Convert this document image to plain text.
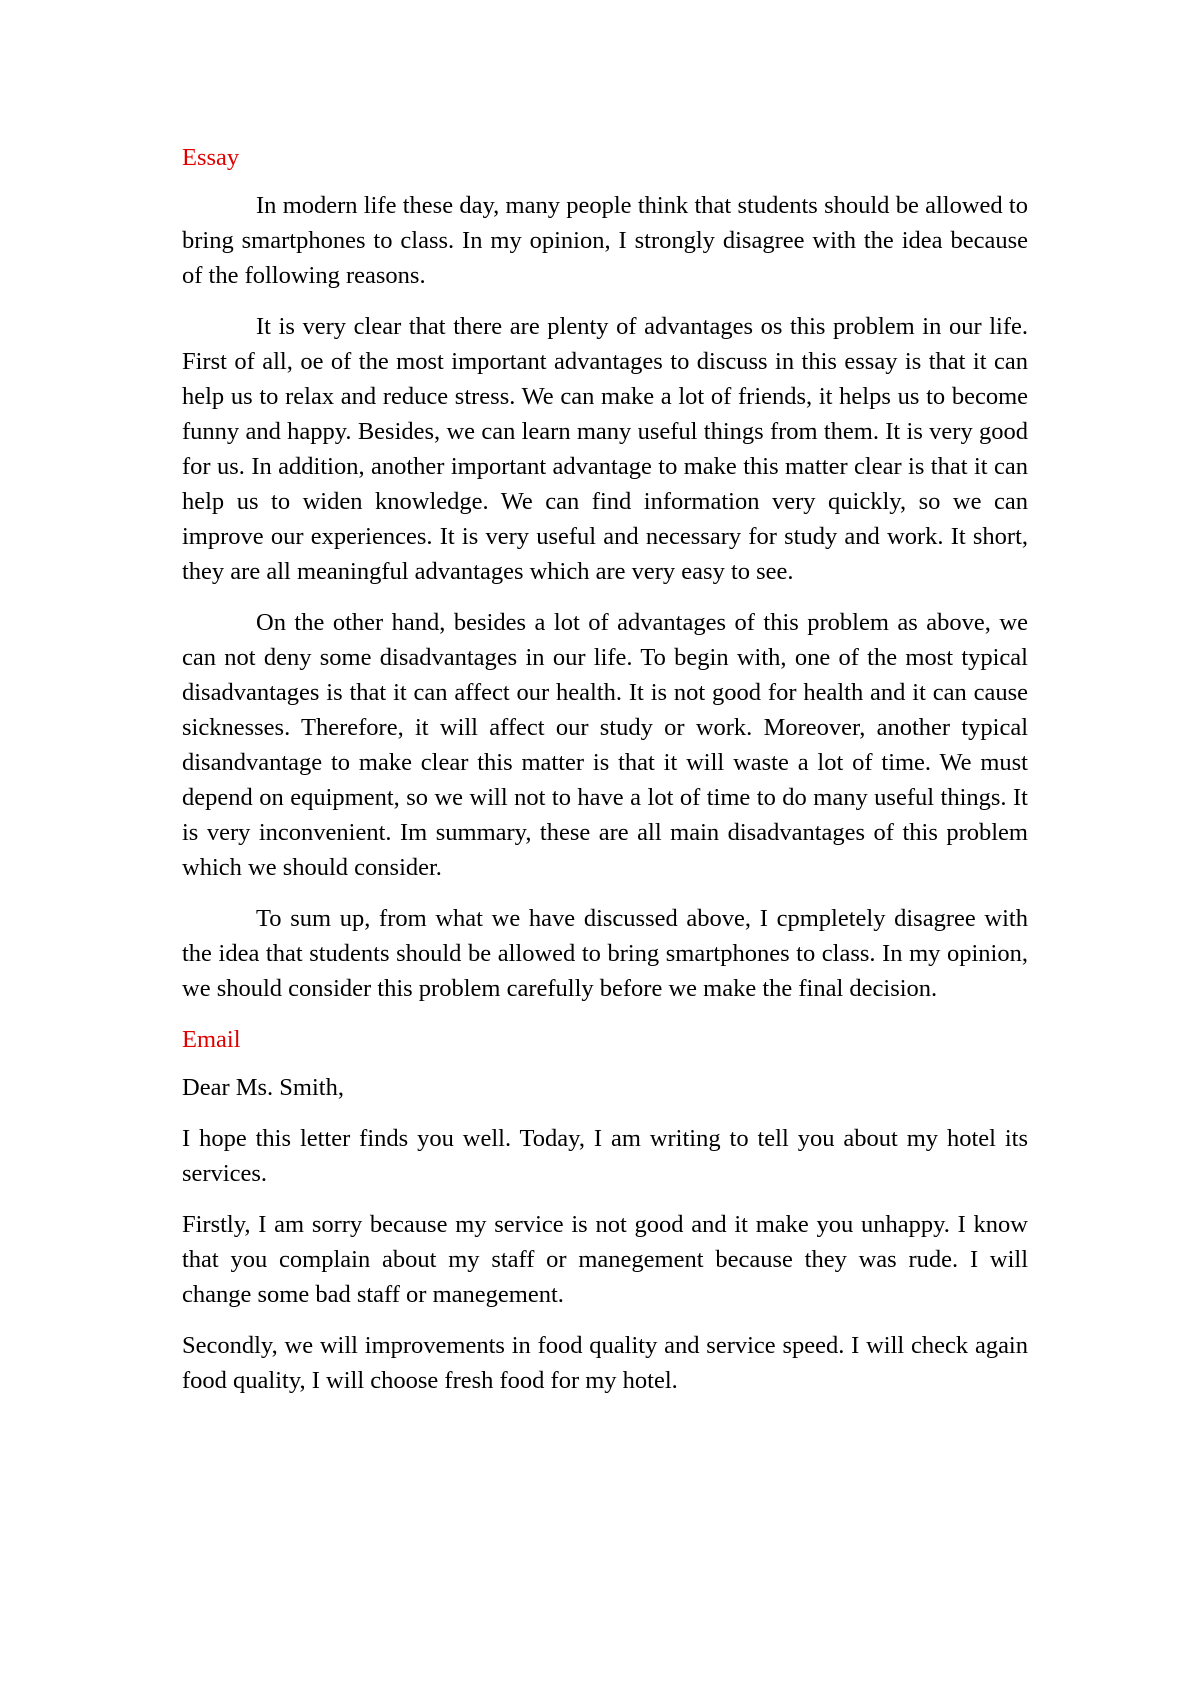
Essay

In modern life these day, many people think that students should be allowed to bring smartphones to class. In my opinion, I strongly disagree with the idea because of the following reasons.

It is very clear that there are plenty of advantages os this problem in our life. First of all, oe of the most important advantages to discuss in this essay is that it can help us to relax and reduce stress. We can make a lot of friends, it helps us to become funny and happy. Besides, we can learn many useful things from them. It is very good for us. In addition, another important advantage to make this matter clear is that it can help us to widen knowledge. We can find information very quickly, so we can improve our experiences. It is very useful and necessary for study and work. It short, they are all meaningful advantages which are very easy to see.

On the other hand, besides a lot of advantages of this problem as above, we can not deny some disadvantages in our life. To begin with, one of the most typical disadvantages is that it can affect our health. It is not good for health and it can cause sicknesses. Therefore, it will affect our study or work. Moreover, another typical disandvantage to make clear this matter is that it will waste a lot of time. We must depend on equipment, so we will not to have a lot of time to do many useful things. It is very inconvenient. Im summary, these are all main disadvantages of this problem which we should consider.

To sum up, from what we have discussed above, I cpmpletely disagree with the idea that students should be allowed to bring smartphones to class. In my opinion, we should consider this problem carefully before we make the final decision.

Email

Dear Ms. Smith,

I hope this letter finds you well. Today, I am writing to tell you about my hotel its services.

Firstly, I am sorry because my service is not good and it make you unhappy. I know that you complain about my staff or manegement because they was rude. I will change some bad staff or manegement.

Secondly, we will improvements in food quality and service speed. I will check again food quality, I will choose fresh food for my hotel.
